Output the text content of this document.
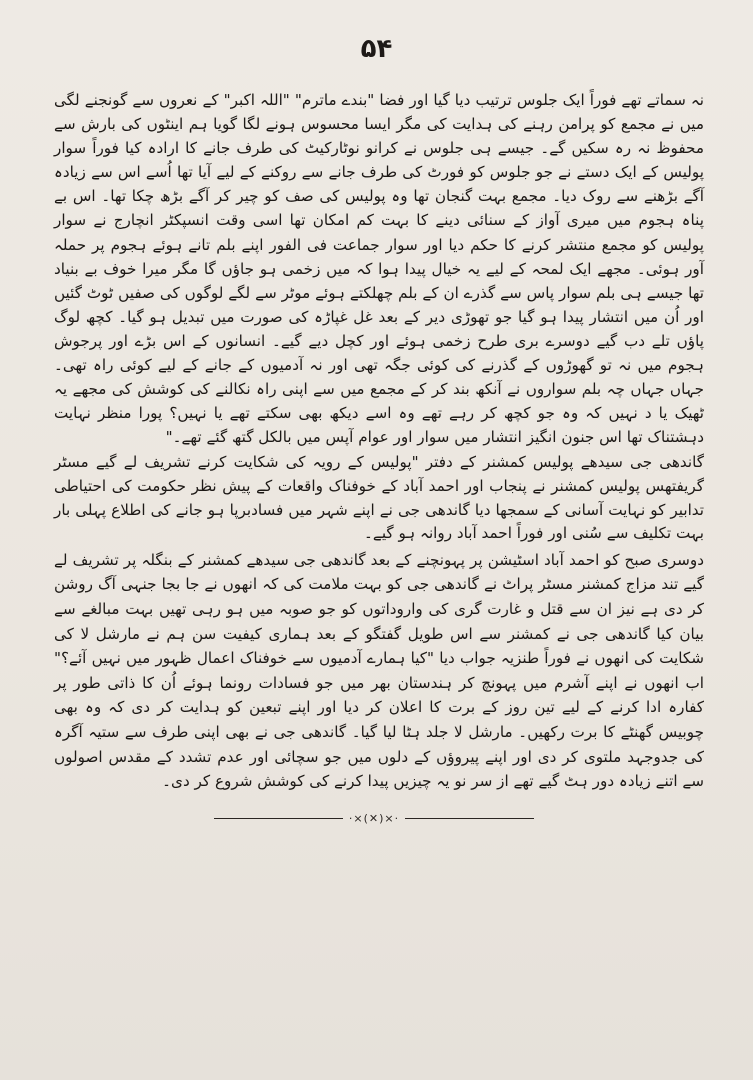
۵۴

نہ سماتے تھے فوراً ایک جلوس ترتیب دیا گیا اور فضا "بندے ماترم" "اللہ اکبر" کے نعروں سے گونجنے لگی میں نے مجمع کو پرامن رہنے کی ہدایت کی مگر ایسا محسوس ہونے لگا گویا ہم اینٹوں کی بارش سے محفوظ نہ رہ سکیں گے۔ جیسے ہی جلوس نے کرانو نوٹارکیٹ کی طرف جانے کا ارادہ کیا فوراً سوار پولیس کے ایک دستے نے جو جلوس کو فورٹ کی طرف جانے سے روکنے کے لیے آیا تھا اُسے اس سے زیادہ آگے بڑھنے سے روک دیا۔ مجمع بہت گنجان تھا وہ پولیس کی صف کو چیر کر آگے بڑھ چکا تھا۔ اس بے پناہ ہجوم میں میری آواز کے سنائی دینے کا بہت کم امکان تھا اسی وقت انسپکٹر انچارج نے سوار پولیس کو مجمع منتشر کرنے کا حکم دیا اور سوار جماعت فی الفور اپنے بلم تانے ہوئے ہجوم پر حملہ آور ہوئی۔ مجھے ایک لمحہ کے لیے یہ خیال پیدا ہوا کہ میں زخمی ہو جاؤں گا مگر میرا خوف بے بنیاد تھا جیسے ہی بلم سوار پاس سے گذرے ان کے بلم چھلکتے ہوئے موٹر سے لگے لوگوں کی صفیں ٹوٹ گئیں اور اُن میں انتشار پیدا ہو گیا جو تھوڑی دیر کے بعد غل غپاڑہ کی صورت میں تبدیل ہو گیا۔ کچھ لوگ پاؤں تلے دب گیے دوسرے بری طرح زخمی ہوئے اور کچل دیے گیے۔ انسانوں کے اس بڑے اور پرجوش ہجوم میں نہ تو گھوڑوں کے گذرنے کی کوئی جگہ تھی اور نہ آدمیوں کے جانے کے لیے کوئی راہ تھی۔ جہاں جہاں چہ بلم سواروں نے آنکھ بند کر کے مجمع میں سے اپنی راہ نکالنے کی کوشش کی مجھے یہ ٹھیک یا د نہیں کہ وہ جو کچھ کر رہے تھے وہ اسے دیکھ بھی سکتے تھے یا نہیں؟ پورا منظر نہایت دہشتناک تھا اس جنون انگیز انتشار میں سوار اور عوام آپس میں بالکل گتھ گئے تھے۔"

گاندھی جی سیدھے پولیس کمشنر کے دفتر "پولیس کے رویہ کی شکایت کرنے تشریف لے گیے مسٹر گریفتھس پولیس کمشنر نے پنجاب اور احمد آباد کے خوفناک واقعات کے پیش نظر حکومت کی احتیاطی تدابیر کو نہایت آسانی کے سمجھا دیا گاندھی جی نے اپنے شہر میں فسادبرپا ہو جانے کی اطلاع پہلی بار بہت تکلیف سے سُنی اور فوراً احمد آباد روانہ ہو گیے۔

دوسری صبح کو احمد آباد اسٹیشن پر پہونچنے کے بعد گاندھی جی سیدھے کمشنر کے بنگلہ پر تشریف لے گیے تند مزاج کمشنر مسٹر پراٹ نے گاندھی جی کو بہت ملامت کی کہ انھوں نے جا بجا جنہی آگ روشن کر دی ہے نیز ان سے قتل و غارت گری کی واروداتوں کو جو صوبہ میں ہو رہی تھیں بہت مبالغے سے بیان کیا گاندھی جی نے کمشنر سے اس طویل گفتگو کے بعد ہماری کیفیت سن ہم نے مارشل لا کی شکایت کی انھوں نے فوراً طنزیہ جواب دیا "کیا ہمارے آدمیوں سے خوفناک اعمال ظہور میں نہیں آئے؟" اب انھوں نے اپنے آشرم میں پہونچ کر ہندستان بھر میں جو فسادات رونما ہوئے اُن کا ذاتی طور پر کفارہ ادا کرنے کے لیے تین روز کے برت کا اعلان کر دیا اور اپنے تبعین کو ہدایت کر دی کہ وہ بھی چوبیس گھنٹے کا برت رکھیں۔ مارشل لا جلد ہٹا لیا گیا۔ گاندھی جی نے بھی اپنی طرف سے ستیہ آگرہ کی جدوجہد ملتوی کر دی اور اپنے پیروؤں کے دلوں میں جو سچائی اور عدم تشدد کے مقدس اصولوں سے اتنے زیادہ دور ہٹ گیے تھے از سر نو یہ چیزیں پیدا کرنے کی کوشش شروع کر دی۔

·×(✕)×·
